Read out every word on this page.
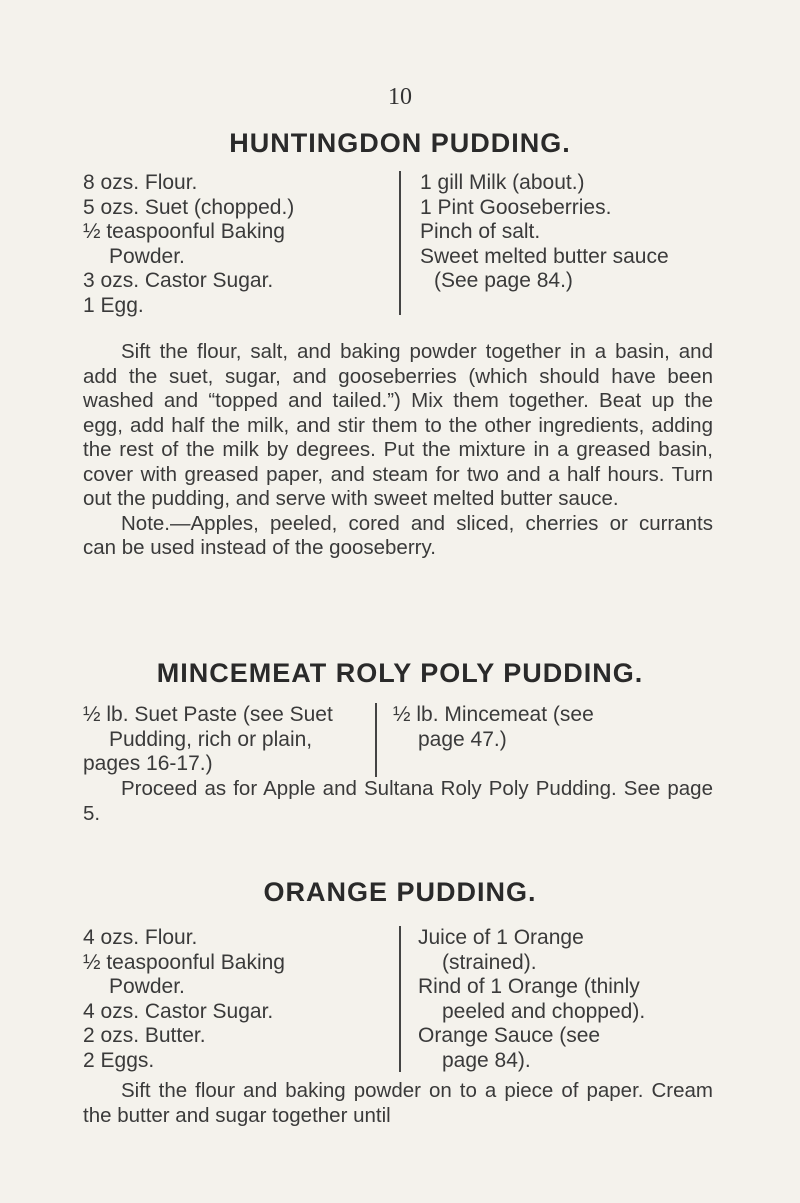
10
HUNTINGDON PUDDING.
8 ozs. Flour.
5 ozs. Suet (chopped.)
½ teaspoonful Baking
Powder.
3 ozs. Castor Sugar.
1 Egg.
1 gill Milk (about.)
1 Pint Gooseberries.
Pinch of salt.
Sweet melted butter sauce
(See page 84.)

Sift the flour, salt, and baking powder together in a basin, and add the suet, sugar, and gooseberries (which should have been washed and “topped and tailed.”) Mix them together. Beat up the egg, add half the milk, and stir them to the other ingredients, adding the rest of the milk by degrees. Put the mixture in a greased basin, cover with greased paper, and steam for two and a half hours. Turn out the pudding, and serve with sweet melted butter sauce.

Note.—Apples, peeled, cored and sliced, cherries or currants can be used instead of the gooseberry.

MINCEMEAT ROLY POLY PUDDING.
½ lb. Suet Paste (see Suet
Pudding, rich or plain,
pages 16-17.)
½ lb. Mincemeat (see
page 47.)

Proceed as for Apple and Sultana Roly Poly Pudding. See page 5.

ORANGE PUDDING.
4 ozs. Flour.
½ teaspoonful Baking
Powder.
4 ozs. Castor Sugar.
2 ozs. Butter.
2 Eggs.
Juice of 1 Orange
(strained).
Rind of 1 Orange (thinly
peeled and chopped).
Orange Sauce (see
page 84).

Sift the flour and baking powder on to a piece of paper. Cream the butter and sugar together until
